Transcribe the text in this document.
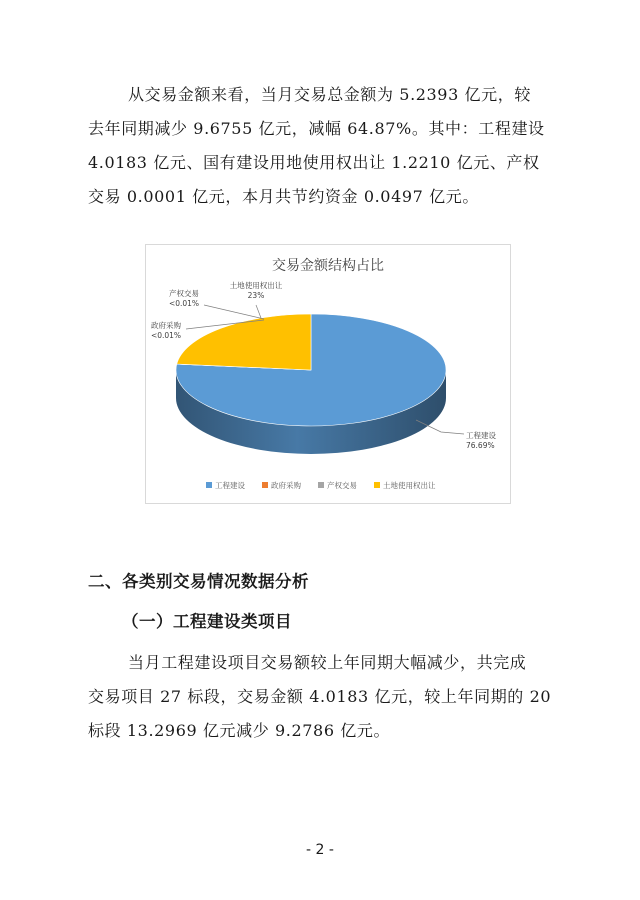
从交易金额来看，当月交易总金额为 5.2393 亿元，较
去年同期减少 9.6755 亿元，减幅 64.87%。其中：工程建设
4.0183 亿元、国有建设用地使用权出让 1.2210 亿元、产权
交易 0.0001 亿元，本月共节约资金 0.0497 亿元。
交易金额结构占比
工程建设
76.69%
土地使用权出让
23%
产权交易
<0.01%
政府采购
<0.01%
工程建设	政府采购	产权交易	土地使用权出让
二、各类别交易情况数据分析
（一）工程建设类项目
当月工程建设项目交易额较上年同期大幅减少，共完成
交易项目 27 标段，交易金额 4.0183 亿元，较上年同期的 20
标段 13.2969 亿元减少 9.2786 亿元。
- 2 -
